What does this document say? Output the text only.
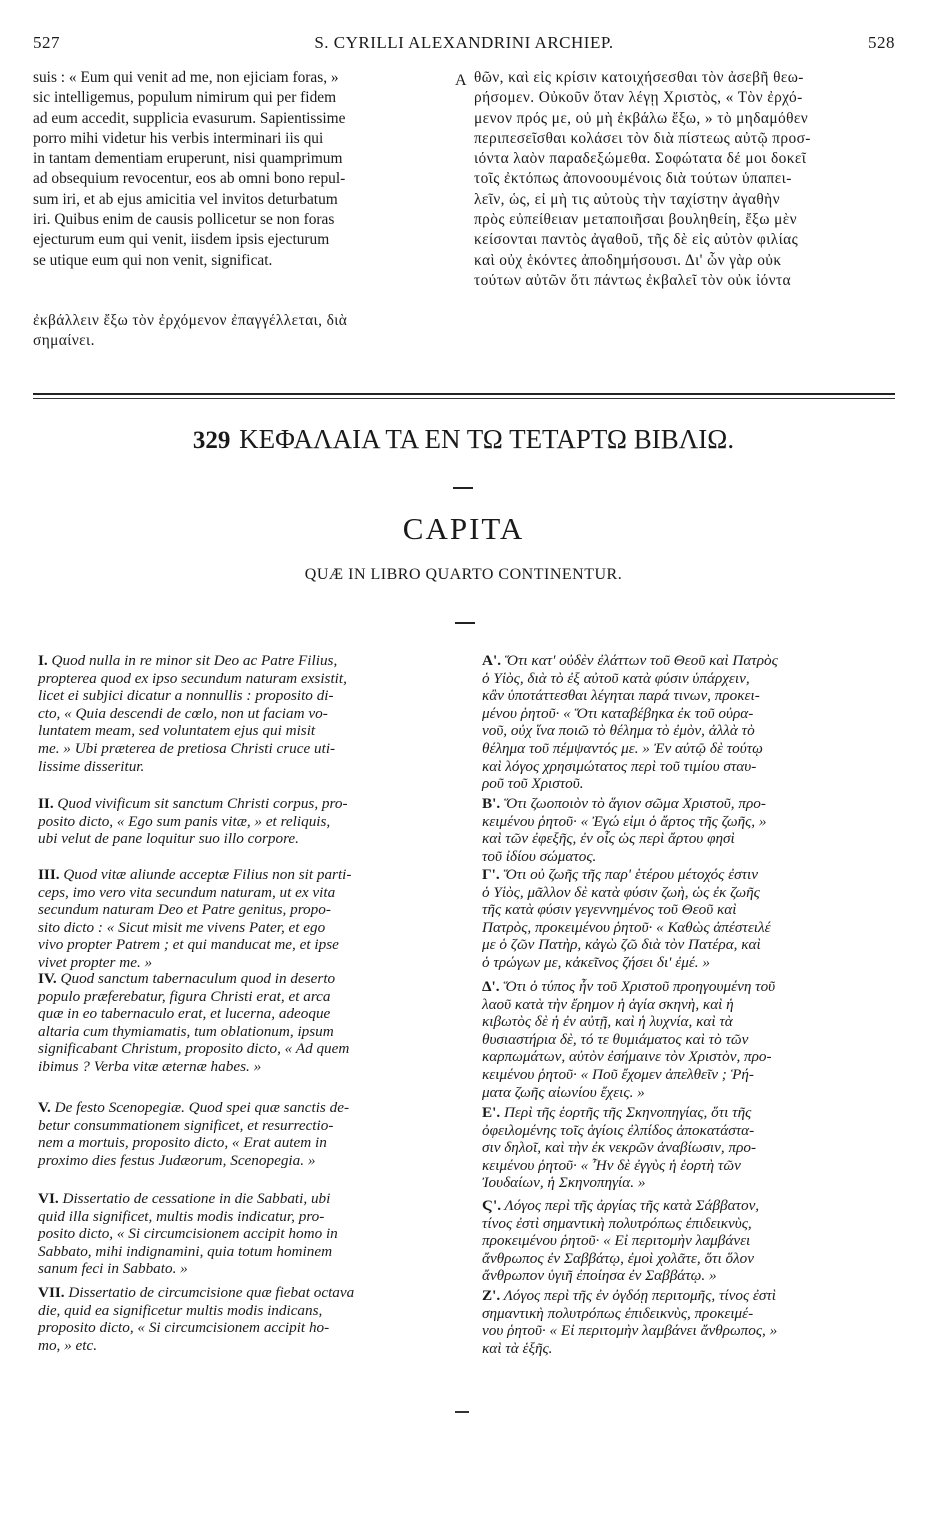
527	S. CYRILLI ALEXANDRINI ARCHIEP.	528
suis : « Eum qui venit ad me, non ejiciam foras, »
sic intelligemus, populum nimirum qui per fidem
ad eum accedit, supplicia evasurum. Sapientissime
porro mihi videtur his verbis interminari iis qui
in tantam dementiam eruperunt, nisi quamprimum
ad obsequium revocentur, eos ab omni bono repul-
sum iri, et ab ejus amicitia vel invitos deturbatum
iri. Quibus enim de causis pollicetur se non foras
ejecturum eum qui venit, iisdem ipsis ejecturum
se utique eum qui non venit, significat.
A θῶν, καὶ εἰς κρίσιν κατοιχήσεσθαι τὸν ἀσεβῆ θεω-
ρήσομεν. Οὐκοῦν ὅταν λέγῃ Χριστὸς, « Τὸν ἐρχό-
μενον πρός με, οὐ μὴ ἐκβάλω ἔξω, » τὸ μηδαμόθεν
περιπεσεῖσθαι κολάσει τὸν διὰ πίστεως αὐτῷ προσ-
ιόντα λαὸν παραδεξώμεθα. Σοφώτατα δέ μοι δοκεῖ
τοῖς ἐκτόπως ἀπονοουμένοις διὰ τούτων ὑπαπει-
λεῖν, ὡς, εἰ μὴ τις αὐτοὺς τὴν ταχίστην ἀγαθὴν
πρὸς εὐπείθειαν μεταποιῆσαι βουληθείη, ἔξω μὲν
κείσονται παντὸς ἀγαθοῦ, τῆς δὲ εἰς αὐτὸν φιλίας
καὶ οὐχ ἑκόντες ἀποδημήσουσι. Δι' ὧν γὰρ οὐκ
τούτων αὐτῶν ὅτι πάντως ἐκβαλεῖ τὸν οὐκ ἰόντα
ἐκβάλλειν ἔξω τὸν ἐρχόμενον ἐπαγγέλλεται, διὰ
σημαίνει.
329 ΚΕΦΑΛΑΙΑ ΤΑ ΕΝ ΤΩ ΤΕΤΑΡΤΩ ΒΙΒΛΙΩ.
CAPITA
QUÆ IN LIBRO QUARTO CONTINENTUR.
I. Quod nulla in re minor sit Deo ac Patre Filius,
propterea quod ex ipso secundum naturam exsistit,
licet ei subjici dicatur a nonnullis : proposito di-
cto, « Quia descendi de cœlo, non ut faciam vo-
luntatem meam, sed voluntatem ejus qui misit
me. » Ubi præterea de pretiosa Christi cruce uti-
lissime disseritur.
II. Quod vivificum sit sanctum Christi corpus, pro-
posito dicto, « Ego sum panis vitæ, » et reliquis,
ubi velut de pane loquitur suo illo corpore.
III. Quod vitæ aliunde acceptæ Filius non sit parti-
ceps, imo vero vita secundum naturam, ut ex vita
secundum naturam Deo et Patre genitus, propo-
sito dicto : « Sicut misit me vivens Pater, et ego
vivo propter Patrem ; et qui manducat me, et ipse
vivet propter me. »
IV. Quod sanctum tabernaculum quod in deserto
populo præferebatur, figura Christi erat, et arca
quæ in eo tabernaculo erat, et lucerna, adeoque
altaria cum thymiamatis, tum oblationum, ipsum
significabant Christum, proposito dicto, « Ad quem
ibimus ? Verba vitæ æternæ habes. »
V. De festo Scenopegiæ. Quod spei quæ sanctis de-
betur consummationem significet, et resurrectio-
nem a mortuis, proposito dicto, « Erat autem in
proximo dies festus Judæorum, Scenopegia. »
VI. Dissertatio de cessatione in die Sabbati, ubi
quid illa significet, multis modis indicatur, pro-
posito dicto, « Si circumcisionem accipit homo in
Sabbato, mihi indignamini, quia totum hominem
sanum feci in Sabbato. »
VII. Dissertatio de circumcisione quæ fiebat octava
die, quid ea significetur multis modis indicans,
proposito dicto, « Si circumcisionem accipit ho-
mo, » etc.
Α'. Ὅτι κατ' οὐδὲν ἐλάττων τοῦ Θεοῦ καὶ Πατρὸς
ὁ Υἱὸς, διὰ τὸ ἐξ αὐτοῦ κατὰ φύσιν ὑπάρχειν,
κἂν ὑποτάττεσθαι λέγηται παρά τινων, προκει-
μένου ῥητοῦ· « Ὅτι καταβέβηκα ἐκ τοῦ οὐρα-
νοῦ, οὐχ ἵνα ποιῶ τὸ θέλημα τὸ ἐμὸν, ἀλλὰ τὸ
θέλημα τοῦ πέμψαντός με. » Ἐν αὐτῷ δὲ τούτῳ
καὶ λόγος χρησιμώτατος περὶ τοῦ τιμίου σταυ-
ροῦ τοῦ Χριστοῦ.
Β'. Ὅτι ζωοποιὸν τὸ ἅγιον σῶμα Χριστοῦ, προ-
κειμένου ῥητοῦ· « Ἐγώ εἰμι ὁ ἄρτος τῆς ζωῆς, »
καὶ τῶν ἐφεξῆς, ἐν οἷς ὡς περὶ ἄρτου φησὶ
τοῦ ἰδίου σώματος.
Γ'. Ὅτι οὐ ζωῆς τῆς παρ' ἑτέρου μέτοχός ἐστιν
ὁ Υἱὸς, μᾶλλον δὲ κατὰ φύσιν ζωὴ, ὡς ἐκ ζωῆς
τῆς κατὰ φύσιν γεγεννημένος τοῦ Θεοῦ καὶ
Πατρὸς, προκειμένου ῥητοῦ· « Καθὼς ἀπέστειλέ
με ὁ ζῶν Πατὴρ, κἀγὼ ζῶ διὰ τὸν Πατέρα, καὶ
ὁ τρώγων με, κἀκεῖνος ζήσει δι' ἐμέ. »
Δ'. Ὅτι ὁ τύπος ἦν τοῦ Χριστοῦ προηγουμένη τοῦ
λαοῦ κατὰ τὴν ἔρημον ἡ ἁγία σκηνὴ, καὶ ἡ
κιβωτὸς δὲ ἡ ἐν αὐτῇ, καὶ ἡ λυχνία, καὶ τὰ
θυσιαστήρια δὲ, τό τε θυμιάματος καὶ τὸ τῶν
καρπωμάτων, αὐτὸν ἐσήμαινε τὸν Χριστὸν, προ-
κειμένου ῥητοῦ· « Ποῦ ἔχομεν ἀπελθεῖν ; Ῥή-
ματα ζωῆς αἰωνίου ἔχεις. »
Ε'. Περὶ τῆς ἑορτῆς τῆς Σκηνοπηγίας, ὅτι τῆς
ὀφειλομένης τοῖς ἁγίοις ἐλπίδος ἀποκατάστα-
σιν δηλοῖ, καὶ τὴν ἐκ νεκρῶν ἀναβίωσιν, προ-
κειμένου ῥητοῦ· « Ἦν δὲ ἐγγὺς ἡ ἑορτὴ τῶν
Ἰουδαίων, ἡ Σκηνοπηγία. »
Ϛ'. Λόγος περὶ τῆς ἀργίας τῆς κατὰ Σάββατον,
τίνος ἐστὶ σημαντικὴ πολυτρόπως ἐπιδεικνὺς,
προκειμένου ῥητοῦ· « Εἰ περιτομὴν λαμβάνει
ἄνθρωπος ἐν Σαββάτῳ, ἐμοὶ χολᾶτε, ὅτι ὅλον
ἄνθρωπον ὑγιῆ ἐποίησα ἐν Σαββάτῳ. »
Ζ'. Λόγος περὶ τῆς ἐν ὀγδόῃ περιτομῆς, τίνος ἐστὶ
σημαντικὴ πολυτρόπως ἐπιδεικνὺς, προκειμέ-
νου ῥητοῦ· « Εἰ περιτομὴν λαμβάνει ἄνθρωπος, »
καὶ τὰ ἑξῆς.
